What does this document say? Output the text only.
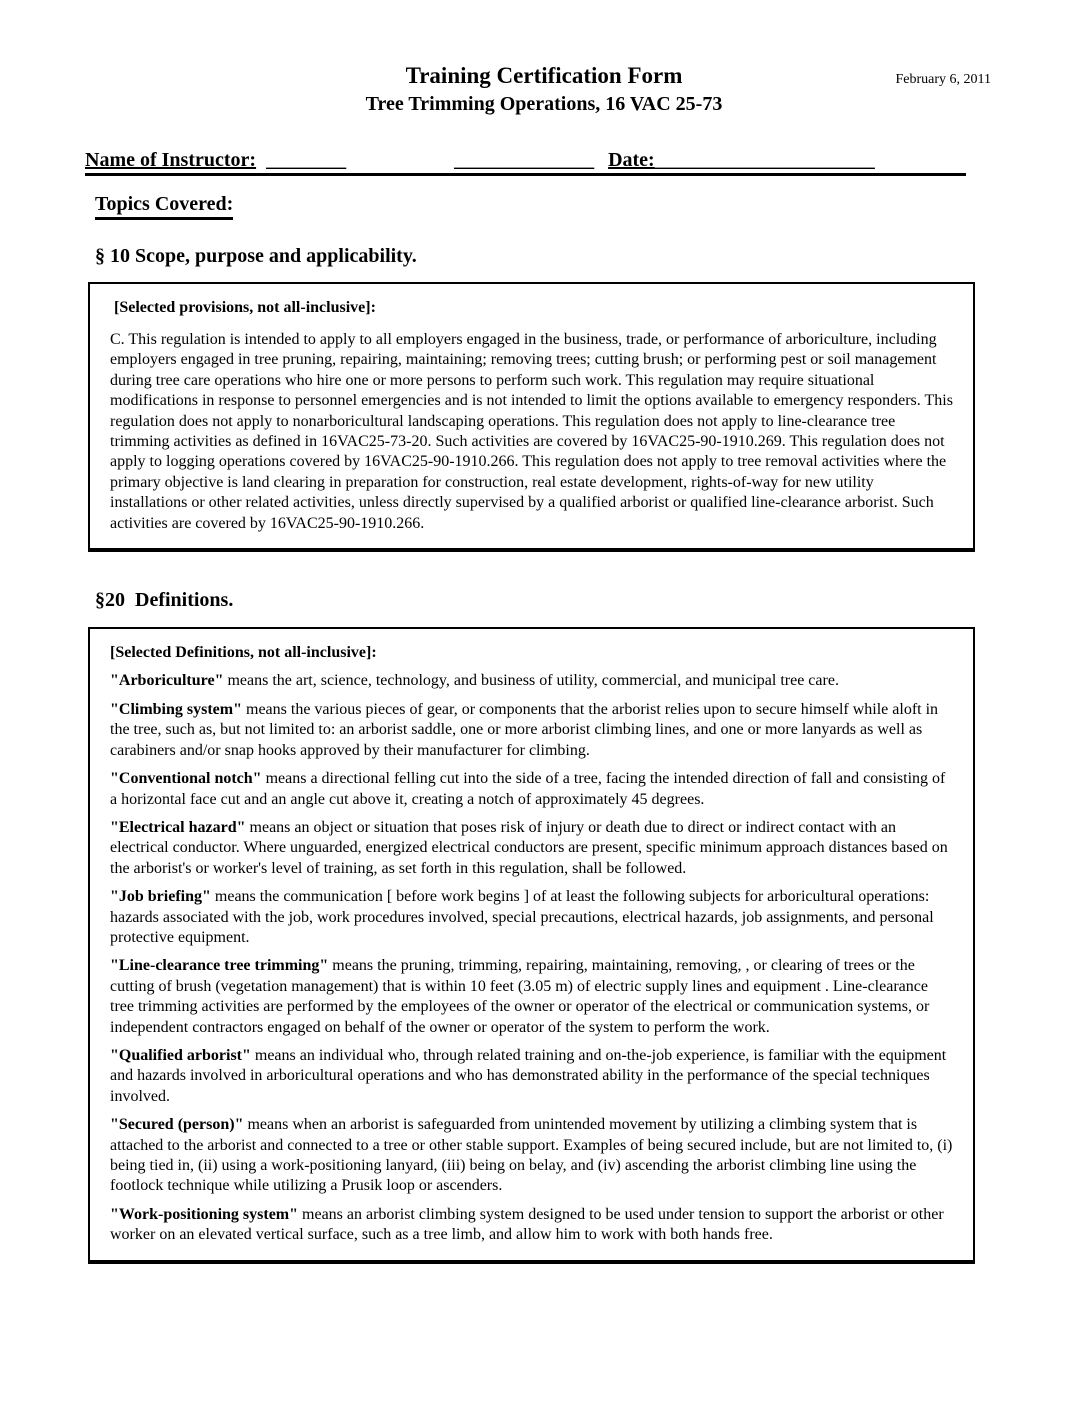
Training Certification Form
Tree Trimming Operations, 16 VAC 25-73
February 6, 2011
Name of Instructor: ________	______________ Date:______________________
Topics Covered:
§ 10 Scope, purpose and applicability.
[Selected provisions, not all-inclusive]:

C. This regulation is intended to apply to all employers engaged in the business, trade, or performance of arboriculture, including employers engaged in tree pruning, repairing, maintaining; removing trees; cutting brush; or performing pest or soil management during tree care operations who hire one or more persons to perform such work. This regulation may require situational modifications in response to personnel emergencies and is not intended to limit the options available to emergency responders. This regulation does not apply to nonarboricultural landscaping operations. This regulation does not apply to line-clearance tree trimming activities as defined in 16VAC25-73-20. Such activities are covered by 16VAC25-90-1910.269. This regulation does not apply to logging operations covered by 16VAC25-90-1910.266. This regulation does not apply to tree removal activities where the primary objective is land clearing in preparation for construction, real estate development, rights-of-way for new utility installations or other related activities, unless directly supervised by a qualified arborist or qualified line-clearance arborist. Such activities are covered by 16VAC25-90-1910.266.

§20  Definitions.
[Selected Definitions, not all-inclusive]:

"Arboriculture" means the art, science, technology, and business of utility, commercial, and municipal tree care.

"Climbing system" means the various pieces of gear, or components that the arborist relies upon to secure himself while aloft in the tree, such as, but not limited to: an arborist saddle, one or more arborist climbing lines, and one or more lanyards as well as carabiners and/or snap hooks approved by their manufacturer for climbing.

"Conventional notch" means a directional felling cut into the side of a tree, facing the intended direction of fall and consisting of a horizontal face cut and an angle cut above it, creating a notch of approximately 45 degrees.

"Electrical hazard" means an object or situation that poses risk of injury or death due to direct or indirect contact with an electrical conductor. Where unguarded, energized electrical conductors are present, specific minimum approach distances based on the arborist's or worker's level of training, as set forth in this regulation, shall be followed.

"Job briefing" means the communication [ before work begins ] of at least the following subjects for arboricultural operations: hazards associated with the job, work procedures involved, special precautions, electrical hazards, job assignments, and personal protective equipment.

"Line-clearance tree trimming" means the pruning, trimming, repairing, maintaining, removing, , or clearing of trees or the cutting of brush (vegetation management) that is within 10 feet (3.05 m) of electric supply lines and equipment . Line-clearance tree trimming activities are performed by the employees of the owner or operator of the electrical or communication systems, or independent contractors engaged on behalf of the owner or operator of the system to perform the work.

"Qualified arborist" means an individual who, through related training and on-the-job experience, is familiar with the equipment and hazards involved in arboricultural operations and who has demonstrated ability in the performance of the special techniques involved.

"Secured (person)" means when an arborist is safeguarded from unintended movement by utilizing a climbing system that is attached to the arborist and connected to a tree or other stable support. Examples of being secured include, but are not limited to, (i) being tied in, (ii) using a work-positioning lanyard, (iii) being on belay, and (iv) ascending the arborist climbing line using the footlock technique while utilizing a Prusik loop or ascenders.

"Work-positioning system" means an arborist climbing system designed to be used under tension to support the arborist or other worker on an elevated vertical surface, such as a tree limb, and allow him to work with both hands free.
